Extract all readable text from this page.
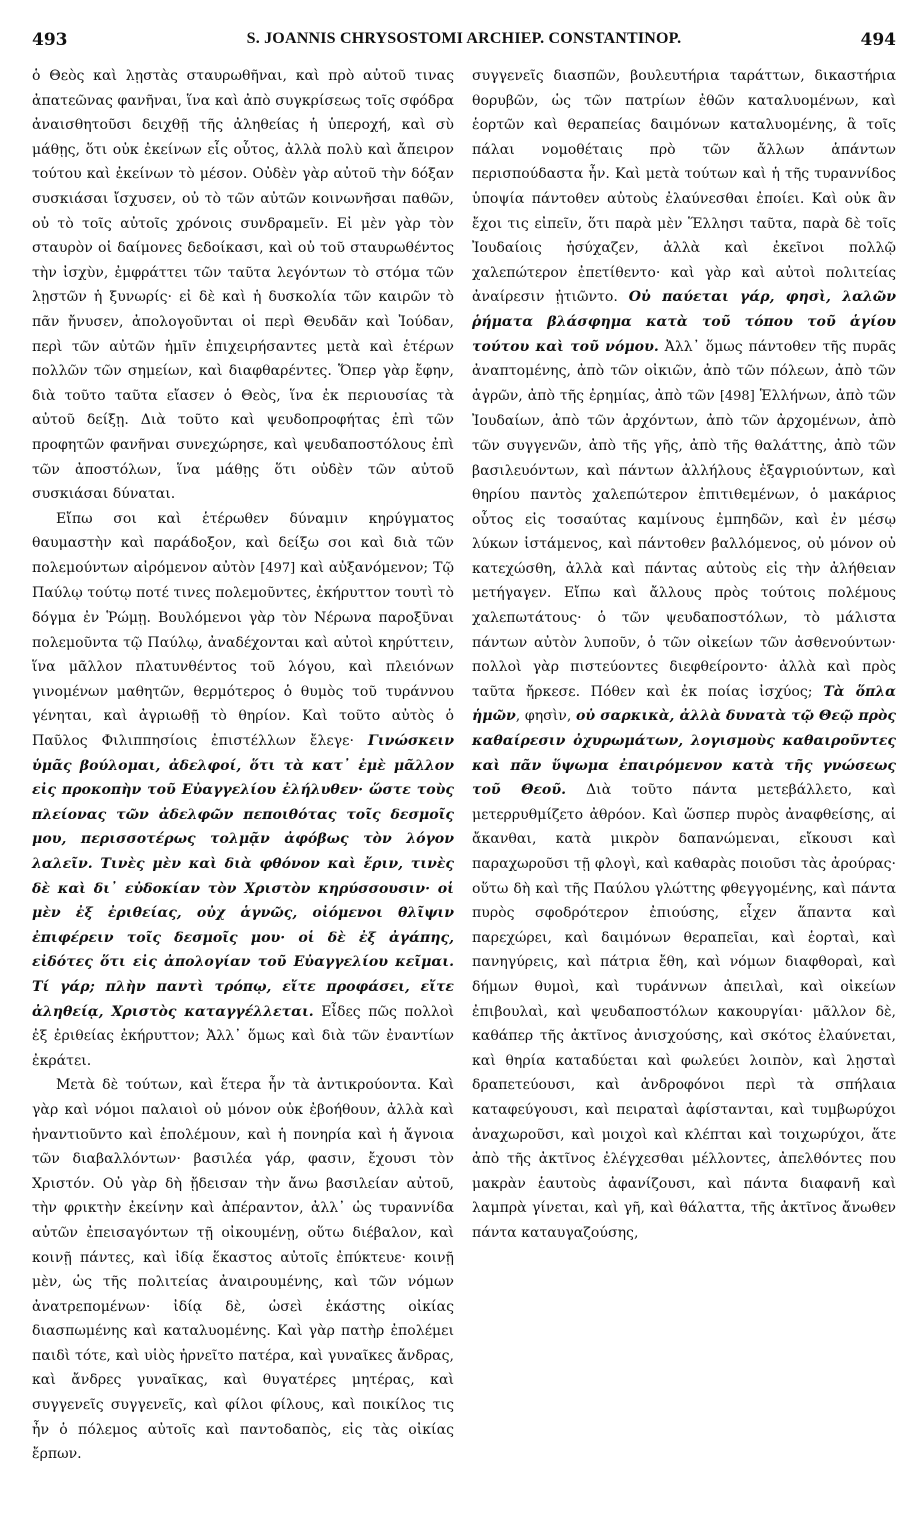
493	S. JOANNIS CHRYSOSTOMI ARCHIEP. CONSTANTINOP.	494

ὁ Θεὸς καὶ λῃστὰς σταυρωθῆναι, καὶ πρὸ αὐτοῦ τινας ἀπατεῶνας φανῆναι, ἵνα καὶ ἀπὸ συγκρίσεως τοῖς σφόδρα ἀναισθητοῦσι δειχθῇ τῆς ἀληθείας ἡ ὑπεροχή, καὶ σὺ μάθῃς, ὅτι οὐκ ἐκείνων εἷς οὗτος, ἀλλὰ πολὺ καὶ ἄπειρον τούτου καὶ ἐκείνων τὸ μέσον. Οὐδὲν γὰρ αὐτοῦ τὴν δόξαν συσκιάσαι ἴσχυσεν, οὐ τὸ τῶν αὐτῶν κοινωνῆσαι παθῶν, οὐ τὸ τοῖς αὐτοῖς χρόνοις συνδραμεῖν. Εἰ μὲν γὰρ τὸν σταυρὸν οἱ δαίμονες δεδοίκασι, καὶ οὐ τοῦ σταυρωθέντος τὴν ἰσχὺν, ἐμφράττει τῶν ταῦτα λεγόντων τὸ στόμα τῶν λῃστῶν ἡ ξυνωρίς· εἰ δὲ καὶ ἡ δυσκολία τῶν καιρῶν τὸ πᾶν ἤνυσεν, ἀπολογοῦνται οἱ περὶ Θευδᾶν καὶ Ἰούδαν, περὶ τῶν αὐτῶν ἡμῖν ἐπιχειρήσαντες μετὰ καὶ ἑτέρων πολλῶν τῶν σημείων, καὶ διαφθαρέντες. Ὅπερ γὰρ ἔφην, διὰ τοῦτο ταῦτα εἴασεν ὁ Θεὸς, ἵνα ἐκ περιουσίας τὰ αὐτοῦ δείξῃ. Διὰ τοῦτο καὶ ψευδοπροφήτας ἐπὶ τῶν προφητῶν φανῆναι συνεχώρησε, καὶ ψευδαποστόλους ἐπὶ τῶν ἀποστόλων, ἵνα μάθῃς ὅτι οὐδὲν τῶν αὐτοῦ συσκιάσαι δύναται.

Εἴπω σοι καὶ ἑτέρωθεν δύναμιν κηρύγματος θαυμαστὴν καὶ παράδοξον, καὶ δείξω σοι καὶ διὰ τῶν πολεμούντων αἰρόμενον αὐτὸν [497] καὶ αὐξανόμενον; Τῷ Παύλῳ τούτῳ ποτέ τινες πολεμοῦντες, ἐκήρυττον τουτὶ τὸ δόγμα ἐν Ῥώμῃ. Βουλόμενοι γὰρ τὸν Νέρωνα παροξῦναι πολεμοῦντα τῷ Παύλῳ, ἀναδέχονται καὶ αὐτοὶ κηρύττειν, ἵνα μᾶλλον πλατυνθέντος τοῦ λόγου, καὶ πλειόνων γινομένων μαθητῶν, θερμότερος ὁ θυμὸς τοῦ τυράννου γένηται, καὶ ἀγριωθῇ τὸ θηρίον. Καὶ τοῦτο αὐτὸς ὁ Παῦλος Φιλιππησίοις ἐπιστέλλων ἔλεγε· Γινώσκειν ὑμᾶς βούλομαι, ἀδελφοί, ὅτι τὰ κατ᾽ ἐμὲ μᾶλλον εἰς προκοπὴν τοῦ Εὐαγγελίου ἐλήλυθεν· ὥστε τοὺς πλείονας τῶν ἀδελφῶν πεποιθότας τοῖς δεσμοῖς μου, περισσοτέρως τολμᾷν ἀφόβως τὸν λόγον λαλεῖν. Τινὲς μὲν καὶ διὰ φθόνον καὶ ἔριν, τινὲς δὲ καὶ δι᾽ εὐδοκίαν τὸν Χριστὸν κηρύσσουσιν· οἱ μὲν ἐξ ἐριθείας, οὐχ ἁγνῶς, οἰόμενοι θλῖψιν ἐπιφέρειν τοῖς δεσμοῖς μου· οἱ δὲ ἐξ ἀγάπης, εἰδότες ὅτι εἰς ἀπολογίαν τοῦ Εὐαγγελίου κεῖμαι. Τί γάρ; πλὴν παντὶ τρόπῳ, εἴτε προφάσει, εἴτε ἀληθείᾳ, Χριστὸς καταγγέλλεται. Εἶδες πῶς πολλοὶ ἐξ ἐριθείας ἐκήρυττον; Ἀλλ᾽ ὅμως καὶ διὰ τῶν ἐναντίων ἐκράτει.

Μετὰ δὲ τούτων, καὶ ἕτερα ἦν τὰ ἀντικρούοντα. Καὶ γὰρ καὶ νόμοι παλαιοὶ οὐ μόνον οὐκ ἐβοήθουν, ἀλλὰ καὶ ἠναντιοῦντο καὶ ἐπολέμουν, καὶ ἡ πονηρία καὶ ἡ ἄγνοια τῶν διαβαλλόντων· βασιλέα γάρ, φασιν, ἔχουσι τὸν Χριστόν. Οὐ γὰρ δὴ ᾔδεισαν τὴν ἄνω βασιλείαν αὐτοῦ, τὴν φρικτὴν ἐκείνην καὶ ἀπέραντον, ἀλλ᾽ ὡς τυραννίδα αὐτῶν ἐπεισαγόντων τῇ οἰκουμένῃ, οὕτω διέβαλον, καὶ κοινῇ πάντες, καὶ ἰδίᾳ ἕκαστος αὐτοῖς ἐπύκτευε· κοινῇ μὲν, ὡς τῆς πολιτείας ἀναιρουμένης, καὶ τῶν νόμων ἀνατρεπομένων· ἰδίᾳ δὲ, ὡσεὶ ἑκάστης οἰκίας διασπωμένης καὶ καταλυομένης. Καὶ γὰρ πατὴρ ἐπολέμει παιδὶ τότε, καὶ υἱὸς ἠρνεῖτο πατέρα, καὶ γυναῖκες ἄνδρας, καὶ ἄνδρες γυναῖκας, καὶ θυγατέρες μητέρας, καὶ συγγενεῖς συγγενεῖς, καὶ φίλοι φίλους, καὶ ποικίλος τις ἦν ὁ πόλεμος αὐτοῖς καὶ παντοδαπὸς, εἰς τὰς οἰκίας ἔρπων.

συγγενεῖς διασπῶν, βουλευτήρια ταράττων, δικαστήρια θορυβῶν, ὡς τῶν πατρίων ἐθῶν καταλυομένων, καὶ ἑορτῶν καὶ θεραπείας δαιμόνων καταλυομένης, ἃ τοῖς πάλαι νομοθέταις πρὸ τῶν ἄλλων ἁπάντων περισπούδαστα ἦν. Καὶ μετὰ τούτων καὶ ἡ τῆς τυραννίδος ὑποψία πάντοθεν αὐτοὺς ἐλαύνεσθαι ἐποίει. Καὶ οὐκ ἂν ἔχοι τις εἰπεῖν, ὅτι παρὰ μὲν Ἕλλησι ταῦτα, παρὰ δὲ τοῖς Ἰουδαίοις ἡσύχαζεν, ἀλλὰ καὶ ἐκεῖνοι πολλῷ χαλεπώτερον ἐπετίθεντο· καὶ γὰρ καὶ αὐτοὶ πολιτείας ἀναίρεσιν ᾐτιῶντο. Οὐ παύεται γάρ, φησὶ, λαλῶν ῥήματα βλάσφημα κατὰ τοῦ τόπου τοῦ ἁγίου τούτου καὶ τοῦ νόμου. Ἀλλ᾽ ὅμως πάντοθεν τῆς πυρᾶς ἀναπτομένης, ἀπὸ τῶν οἰκιῶν, ἀπὸ τῶν πόλεων, ἀπὸ τῶν ἀγρῶν, ἀπὸ τῆς ἐρημίας, ἀπὸ τῶν [498] Ἑλλήνων, ἀπὸ τῶν Ἰουδαίων, ἀπὸ τῶν ἀρχόντων, ἀπὸ τῶν ἀρχομένων, ἀπὸ τῶν συγγενῶν, ἀπὸ τῆς γῆς, ἀπὸ τῆς θαλάττης, ἀπὸ τῶν βασιλευόντων, καὶ πάντων ἀλλήλους ἐξαγριούντων, καὶ θηρίου παντὸς χαλεπώτερον ἐπιτιθεμένων, ὁ μακάριος οὗτος εἰς τοσαύτας καμίνους ἐμπηδῶν, καὶ ἐν μέσῳ λύκων ἱστάμενος, καὶ πάντοθεν βαλλόμενος, οὐ μόνον οὐ κατεχώσθη, ἀλλὰ καὶ πάντας αὐτοὺς εἰς τὴν ἀλήθειαν μετήγαγεν. Εἴπω καὶ ἄλλους πρὸς τούτοις πολέμους χαλεπωτάτους· ὁ τῶν ψευδαποστόλων, τὸ μάλιστα πάντων αὐτὸν λυποῦν, ὁ τῶν οἰκείων τῶν ἀσθενούντων· πολλοὶ γὰρ πιστεύοντες διεφθείροντο· ἀλλὰ καὶ πρὸς ταῦτα ἤρκεσε. Πόθεν καὶ ἐκ ποίας ἰσχύος; Τὰ ὅπλα ἡμῶν, φησὶν, οὐ σαρκικὰ, ἀλλὰ δυνατὰ τῷ Θεῷ πρὸς καθαίρεσιν ὀχυρωμάτων, λογισμοὺς καθαιροῦντες καὶ πᾶν ὕψωμα ἐπαιρόμενον κατὰ τῆς γνώσεως τοῦ Θεοῦ. Διὰ τοῦτο πάντα μετεβάλλετο, καὶ μετερρυθμίζετο ἀθρόον. Καὶ ὥσπερ πυρὸς ἀναφθείσης, αἱ ἄκανθαι, κατὰ μικρὸν δαπανώμεναι, εἴκουσι καὶ παραχωροῦσι τῇ φλογὶ, καὶ καθαρὰς ποιοῦσι τὰς ἀρούρας· οὕτω δὴ καὶ τῆς Παύλου γλώττης φθεγγομένης, καὶ πάντα πυρὸς σφοδρότερον ἐπιούσης, εἶχεν ἅπαντα καὶ παρεχώρει, καὶ δαιμόνων θεραπεῖαι, καὶ ἑορταὶ, καὶ πανηγύρεις, καὶ πάτρια ἔθη, καὶ νόμων διαφθοραὶ, καὶ δήμων θυμοὶ, καὶ τυράννων ἀπειλαὶ, καὶ οἰκείων ἐπιβουλαὶ, καὶ ψευδαποστόλων κακουργίαι· μᾶλλον δὲ, καθάπερ τῆς ἀκτῖνος ἀνισχούσης, καὶ σκότος ἐλαύνεται, καὶ θηρία καταδύεται καὶ φωλεύει λοιπὸν, καὶ λῃσταὶ δραπετεύουσι, καὶ ἀνδροφόνοι περὶ τὰ σπήλαια καταφεύγουσι, καὶ πειραταὶ ἀφίστανται, καὶ τυμβωρύχοι ἀναχωροῦσι, καὶ μοιχοὶ καὶ κλέπται καὶ τοιχωρύχοι, ἅτε ἀπὸ τῆς ἀκτῖνος ἐλέγχεσθαι μέλλοντες, ἀπελθόντες που μακρὰν ἑαυτοὺς ἀφανίζουσι, καὶ πάντα διαφανῆ καὶ λαμπρὰ γίνεται, καὶ γῆ, καὶ θάλαττα, τῆς ἀκτῖνος ἄνωθεν πάντα καταυγαζούσης,
